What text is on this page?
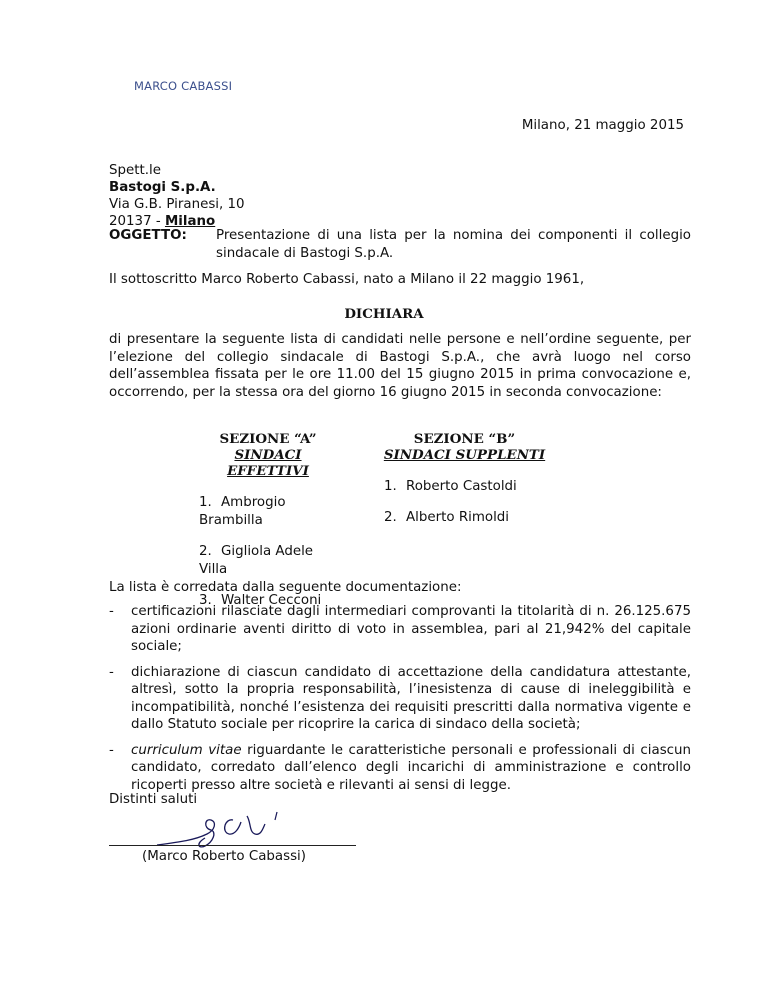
MARCO CABASSI
Milano, 21 maggio 2015
Spett.le
Bastogi S.p.A.
Via G.B. Piranesi, 10
20137 - Milano
OGGETTO: Presentazione di una lista per la nomina dei componenti il collegio sindacale di Bastogi S.p.A.
Il sottoscritto Marco Roberto Cabassi, nato a Milano il 22 maggio 1961,
DICHIARA
di presentare la seguente lista di candidati nelle persone e nell’ordine seguente, per l’elezione del collegio sindacale di Bastogi S.p.A., che avrà luogo nel corso dell’assemblea fissata per le ore 11.00 del 15 giugno 2015 in prima convocazione e, occorrendo, per la stessa ora del giorno 16 giugno 2015 in seconda convocazione:
SEZIONE “A”
SINDACI EFFETTIVI
1. Ambrogio Brambilla
2. Gigliola Adele Villa
3. Walter Cecconi
SEZIONE “B”
SINDACI SUPPLENTI
1. Roberto Castoldi
2. Alberto Rimoldi
La lista è corredata dalla seguente documentazione:
- certificazioni rilasciate dagli intermediari comprovanti la titolarità di n. 26.125.675 azioni ordinarie aventi diritto di voto in assemblea, pari al 21,942% del capitale sociale;
- dichiarazione di ciascun candidato di accettazione della candidatura attestante, altresì, sotto la propria responsabilità, l’inesistenza di cause di ineleggibilità e incompatibilità, nonché l’esistenza dei requisiti prescritti dalla normativa vigente e dallo Statuto sociale per ricoprire la carica di sindaco della società;
- curriculum vitae riguardante le caratteristiche personali e professionali di ciascun candidato, corredato dall’elenco degli incarichi di amministrazione e controllo ricoperti presso altre società e rilevanti ai sensi di legge.
Distinti saluti
(Marco Roberto Cabassi)
